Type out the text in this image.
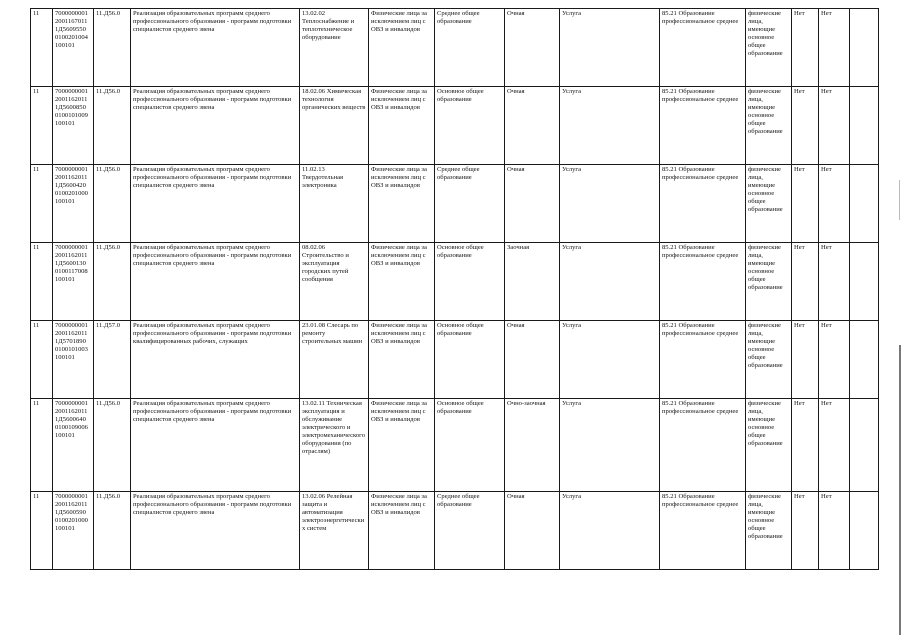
11	7000000001 2001167011 1Д5609550 0100201004 100101	11.Д56.0	Реализация образовательных программ среднего профессионального образования - программ подготовки специалистов среднего звена	13.02.02 Теплоснабжение и теплотехническое оборудование	Физические лица за исключением лиц с ОВЗ и инвалидов	Среднее общее образование	Очная	Услуга	85.21 Образование профессиональное среднее	физические лица, имеющие основное общее образование	Нет	Нет	
11	7000000001 2001162011 1Д5600850 0100101009 100101	11.Д56.0	Реализация образовательных программ среднего профессионального образования - программ подготовки специалистов среднего звена	18.02.06 Химическая технология органических веществ	Физические лица за исключением лиц с ОВЗ и инвалидов	Основное общее образование	Очная	Услуга	85.21 Образование профессиональное среднее	физические лица, имеющие основное общее образование	Нет	Нет	
11	7000000001 2001162011 1Д5600420 0100201000 100101	11.Д56.0	Реализация образовательных программ среднего профессионального образования - программ подготовки специалистов среднего звена	11.02.13 Твердотельная электроника	Физические лица за исключением лиц с ОВЗ и инвалидов	Среднее общее образование	Очная	Услуга	85.21 Образование профессиональное среднее	физические лица, имеющие основное общее образование	Нет	Нет	
11	7000000001 2001162011 1Д5600130 0100117008 100101	11.Д56.0	Реализация образовательных программ среднего профессионального образования - программ подготовки специалистов среднего звена	08.02.06 Строительство и эксплуатация городских путей сообщения	Физические лица за исключением лиц с ОВЗ и инвалидов	Основное общее образование	Заочная	Услуга	85.21 Образование профессиональное среднее	физические лица, имеющие основное общее образование	Нет	Нет	
11	7000000001 2001162011 1Д5701890 0100101003 100101	11.Д57.0	Реализация образовательных программ среднего профессионального образования - программ подготовки квалифицированных рабочих, служащих	23.01.08 Слесарь по ремонту строительных машин	Физические лица за исключением лиц с ОВЗ и инвалидов	Основное общее образование	Очная	Услуга	85.21 Образование профессиональное среднее	физические лица, имеющие основное общее образование	Нет	Нет	
11	7000000001 2001162011 1Д5600640 0100109006 100101	11.Д56.0	Реализация образовательных программ среднего профессионального образования - программ подготовки специалистов среднего звена	13.02.11 Техническая эксплуатация и обслуживание электрического и электромеханического оборудования (по отраслям)	Физические лица за исключением лиц с ОВЗ и инвалидов	Основное общее образование	Очно-заочная	Услуга	85.21 Образование профессиональное среднее	физические лица, имеющие основное общее образование	Нет	Нет	
11	7000000001 2001162011 1Д5600590 0100201000 100101	11.Д56.0	Реализация образовательных программ среднего профессионального образования - программ подготовки специалистов среднего звена	13.02.06 Релейная защита и автоматизация электроэнергетических систем	Физические лица за исключением лиц с ОВЗ и инвалидов	Среднее общее образование	Очная	Услуга	85.21 Образование профессиональное среднее	физические лица, имеющие основное общее образование	Нет	Нет	
